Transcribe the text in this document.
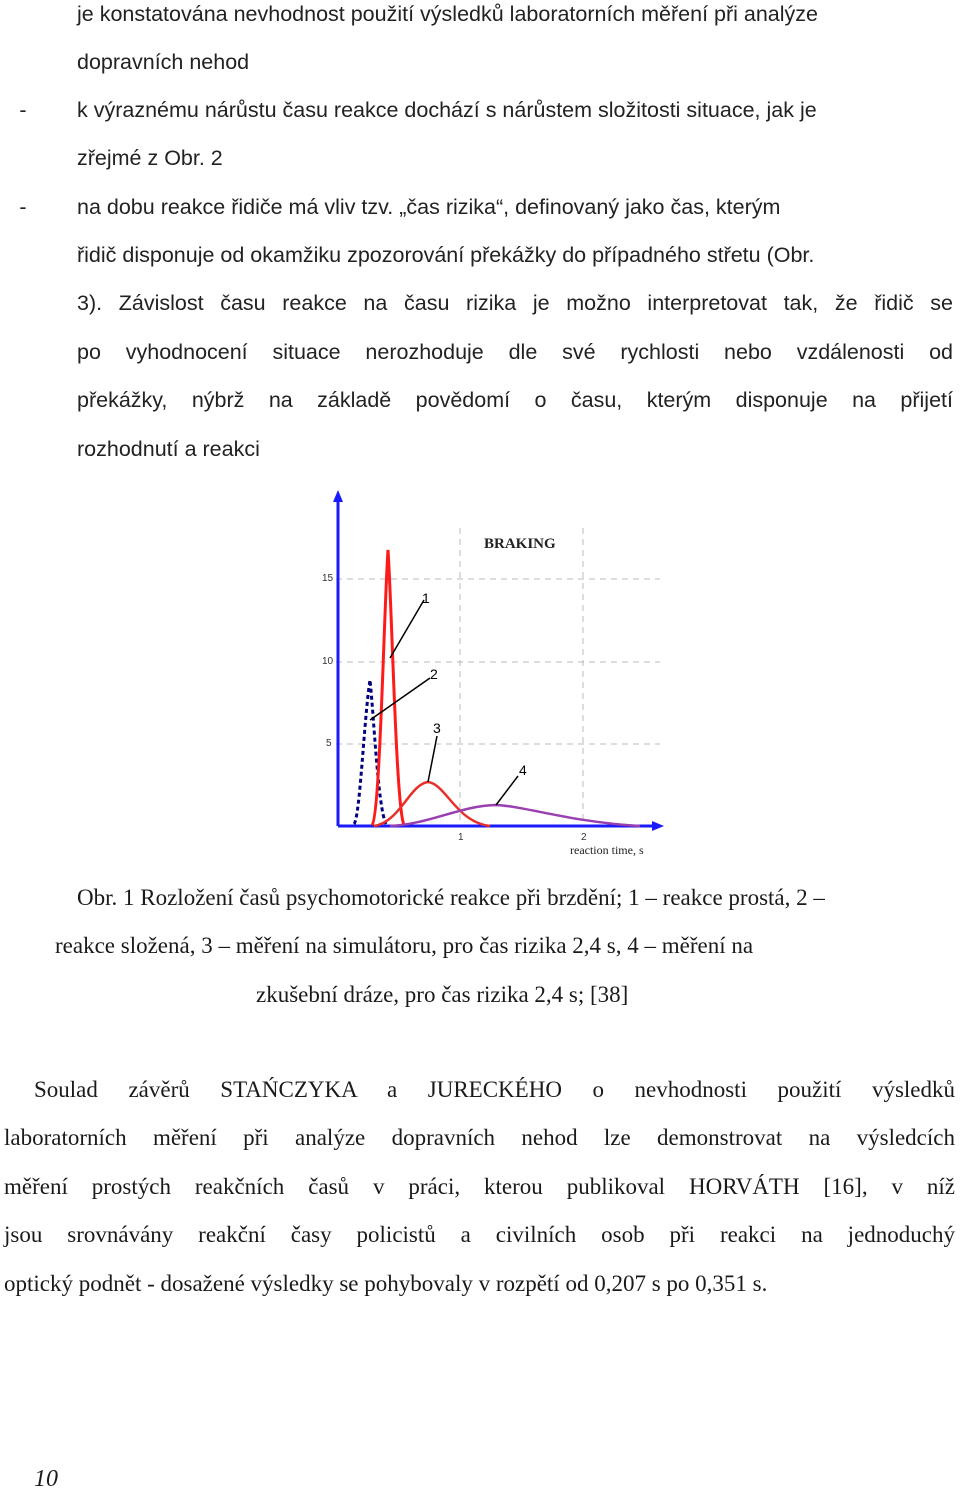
je konstatována nevhodnost použití výsledků laboratorních měření při analýze
dopravních nehod
-	k výraznému nárůstu času reakce dochází s nárůstem složitosti situace, jak je
zřejmé z Obr. 2
-	na dobu reakce řidiče má vliv tzv. „čas rizika“, definovaný jako čas, kterým
řidič disponuje od okamžiku zpozorování překážky do případného střetu (Obr.
3). Závislost času reakce na času rizika je možno interpretovat tak, že řidič se
po vyhodnocení situace nerozhoduje dle své rychlosti nebo vzdálenosti od
překážky, nýbrž na základě povědomí o času, kterým disponuje na přijetí
rozhodnutí a reakci
15
10
5
1	2
BRAKING
reaction time, s
1
2
3
4
Obr. 1 Rozložení časů psychomotorické reakce při brzdění; 1 – reakce prostá, 2 –
reakce složená, 3 – měření na simulátoru, pro čas rizika 2,4 s, 4 – měření na
zkušební dráze, pro čas rizika 2,4 s; [38]
Soulad závěrů STAŃCZYKA a JURECKÉHO o nevhodnosti použití výsledků
laboratorních měření při analýze dopravních nehod lze demonstrovat na výsledcích
měření prostých reakčních časů v práci, kterou publikoval HORVÁTH [16], v níž
jsou srovnávány reakční časy policistů a civilních osob při reakci na jednoduchý
optický podnět - dosažené výsledky se pohybovaly v rozpětí od 0,207 s po 0,351 s.
10
